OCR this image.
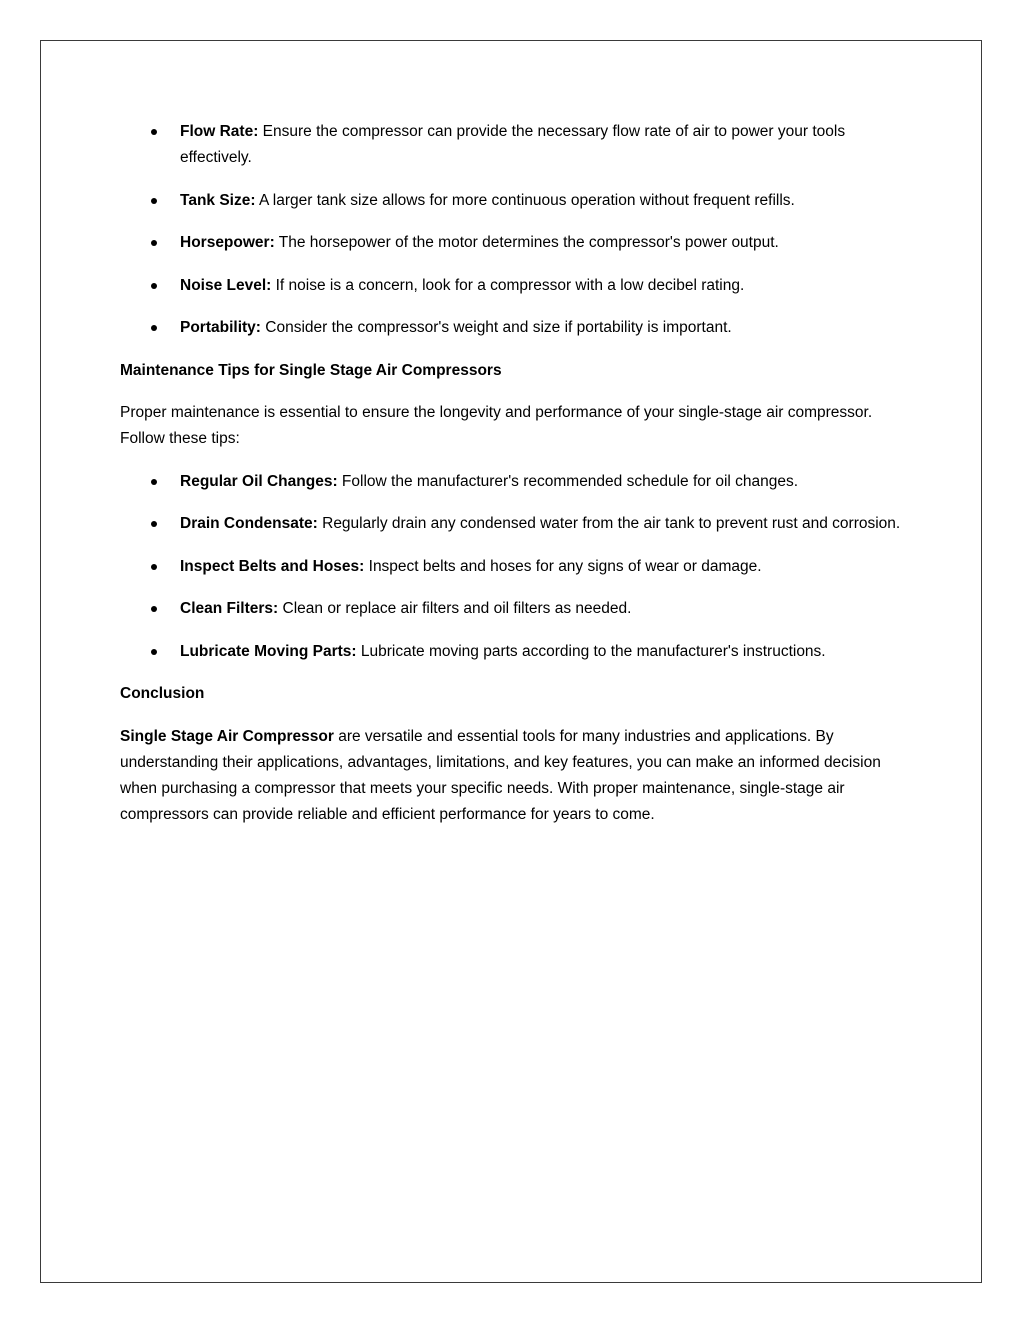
Flow Rate: Ensure the compressor can provide the necessary flow rate of air to power your tools effectively.
Tank Size: A larger tank size allows for more continuous operation without frequent refills.
Horsepower: The horsepower of the motor determines the compressor's power output.
Noise Level: If noise is a concern, look for a compressor with a low decibel rating.
Portability: Consider the compressor's weight and size if portability is important.
Maintenance Tips for Single Stage Air Compressors

Proper maintenance is essential to ensure the longevity and performance of your single-stage air compressor. Follow these tips:

Regular Oil Changes: Follow the manufacturer's recommended schedule for oil changes.
Drain Condensate: Regularly drain any condensed water from the air tank to prevent rust and corrosion.
Inspect Belts and Hoses: Inspect belts and hoses for any signs of wear or damage.
Clean Filters: Clean or replace air filters and oil filters as needed.
Lubricate Moving Parts: Lubricate moving parts according to the manufacturer's instructions.
Conclusion

Single Stage Air Compressor are versatile and essential tools for many industries and applications. By understanding their applications, advantages, limitations, and key features, you can make an informed decision when purchasing a compressor that meets your specific needs. With proper maintenance, single-stage air compressors can provide reliable and efficient performance for years to come.
